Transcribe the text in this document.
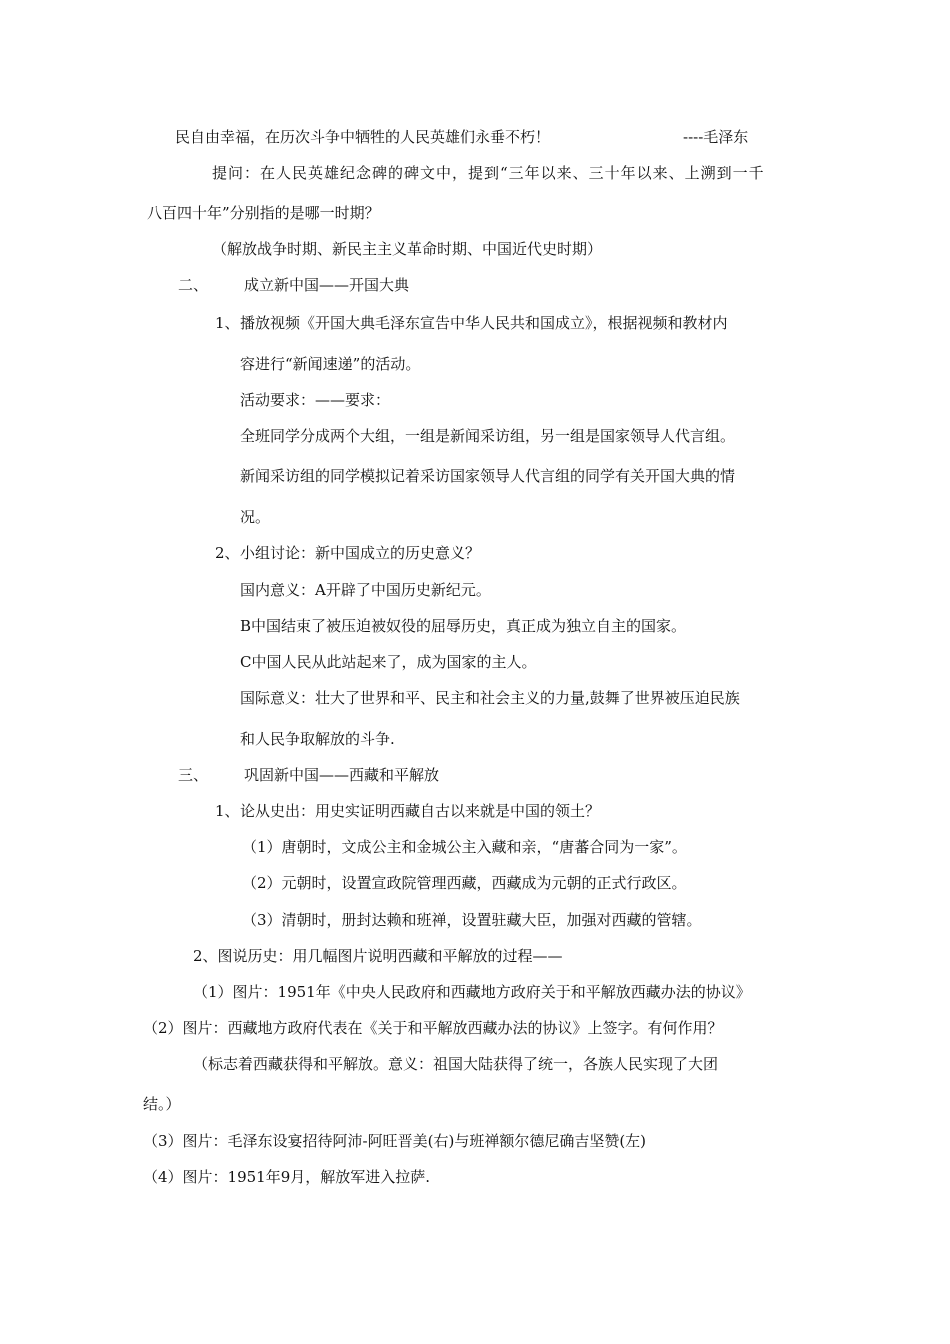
民自由幸福，在历次斗争中牺牲的人民英雄们永垂不朽！	----毛泽东
提问：在人民英雄纪念碑的碑文中，提到“三年以来、三十年以来、上溯到一千
八百四十年”分别指的是哪一时期？
（解放战争时期、新民主主义革命时期、中国近代史时期）
二、 成立新中国——开国大典
1、 播放视频《开国大典毛泽东宣告中华人民共和国成立》，根据视频和教材内
容进行“新闻速递”的活动。
活动要求：——要求：
全班同学分成两个大组，一组是新闻采访组，另一组是国家领导人代言组。
新闻采访组的同学模拟记着采访国家领导人代言组的同学有关开国大典的情
况。
2、 小组讨论：新中国成立的历史意义？
国内意义：A开辟了中国历史新纪元。
B中国结束了被压迫被奴役的屈辱历史，真正成为独立自主的国家。
C中国人民从此站起来了，成为国家的主人。
国际意义：壮大了世界和平、民主和社会主义的力量,鼓舞了世界被压迫民族
和人民争取解放的斗争.
三、 巩固新中国——西藏和平解放
1、 论从史出：用史实证明西藏自古以来就是中国的领土？
（1）唐朝时，文成公主和金城公主入藏和亲，“唐蕃合同为一家”。
（2）元朝时，设置宣政院管理西藏，西藏成为元朝的正式行政区。
（3）清朝时，册封达赖和班禅，设置驻藏大臣，加强对西藏的管辖。
2、图说历史：用几幅图片说明西藏和平解放的过程——
（1）图片：1951年《中央人民政府和西藏地方政府关于和平解放西藏办法的协议》
（2）图片：西藏地方政府代表在《关于和平解放西藏办法的协议》上签字。有何作用？
（标志着西藏获得和平解放。意义：祖国大陆获得了统一，各族人民实现了大团
结。）
（3）图片：毛泽东设宴招待阿沛-阿旺晋美(右)与班禅额尔德尼确吉坚赞(左)
（4）图片：1951年9月，解放军进入拉萨.
